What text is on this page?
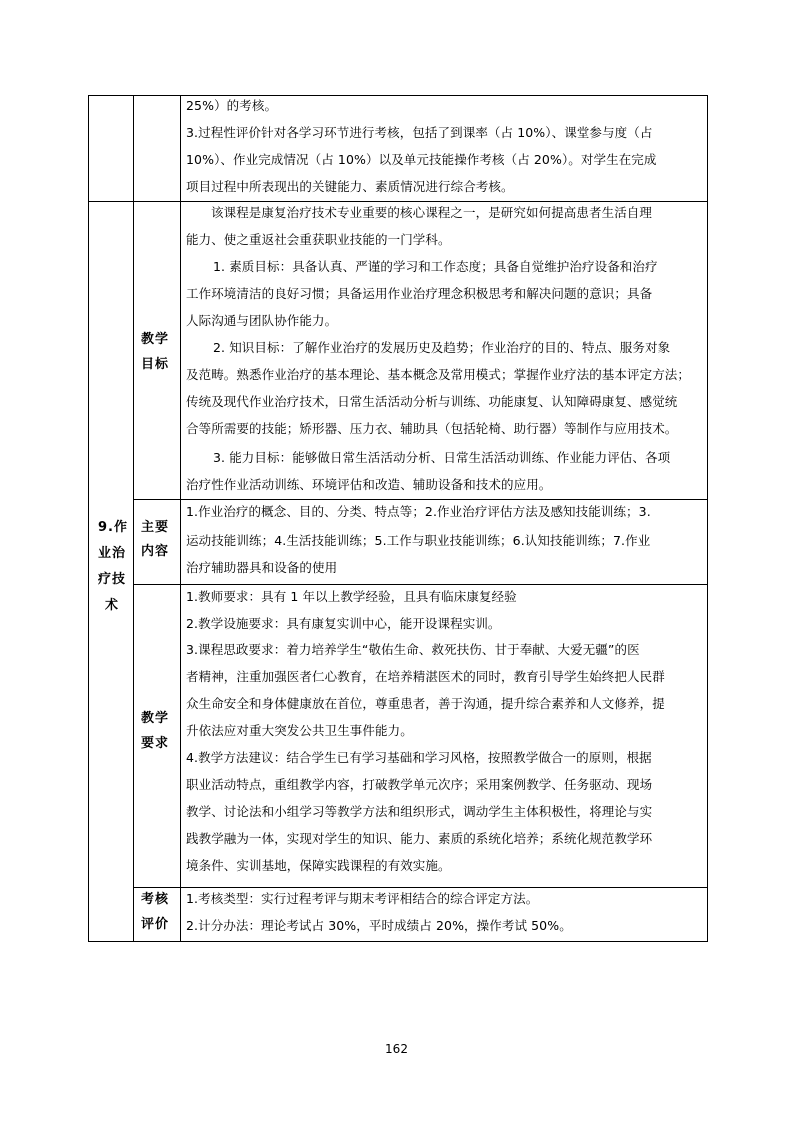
9.作
业治
疗技
术
教学
目标
主要
内容
教学
要求
考核
评价
25%）的考核。
3.过程性评价针对各学习环节进行考核，包括了到课率（占 10%）、课堂参与度（占
10%）、作业完成情况（占 10%）以及单元技能操作考核（占 20%）。对学生在完成
项目过程中所表现出的关键能力、素质情况进行综合考核。
该课程是康复治疗技术专业重要的核心课程之一，是研究如何提高患者生活自理
能力、使之重返社会重获职业技能的一门学科。
1. 素质目标：具备认真、严谨的学习和工作态度；具备自觉维护治疗设备和治疗
工作环境清洁的良好习惯；具备运用作业治疗理念积极思考和解决问题的意识；具备
人际沟通与团队协作能力。
2. 知识目标：了解作业治疗的发展历史及趋势；作业治疗的目的、特点、服务对象
及范畴。熟悉作业治疗的基本理论、基本概念及常用模式；掌握作业疗法的基本评定方法；
传统及现代作业治疗技术，日常生活活动分析与训练、功能康复、认知障碍康复、感觉统
合等所需要的技能；矫形器、压力衣、辅助具（包括轮椅、助行器）等制作与应用技术。
3. 能力目标：能够做日常生活活动分析、日常生活活动训练、作业能力评估、各项
治疗性作业活动训练、环境评估和改造、辅助设备和技术的应用。
1.作业治疗的概念、目的、分类、特点等；2.作业治疗评估方法及感知技能训练；3.
运动技能训练；4.生活技能训练；5.工作与职业技能训练；6.认知技能训练；7.作业
治疗辅助器具和设备的使用
1.教师要求：具有 1 年以上教学经验，且具有临床康复经验
2.教学设施要求：具有康复实训中心，能开设课程实训。
3.课程思政要求：着力培养学生“敬佑生命、救死扶伤、甘于奉献、大爱无疆”的医
者精神，注重加强医者仁心教育，在培养精湛医术的同时，教育引导学生始终把人民群
众生命安全和身体健康放在首位，尊重患者，善于沟通，提升综合素养和人文修养，提
升依法应对重大突发公共卫生事件能力。
4.教学方法建议：结合学生已有学习基础和学习风格，按照教学做合一的原则，根据
职业活动特点，重组教学内容，打破教学单元次序；采用案例教学、任务驱动、现场
教学、讨论法和小组学习等教学方法和组织形式，调动学生主体积极性，将理论与实
践教学融为一体，实现对学生的知识、能力、素质的系统化培养；系统化规范教学环
境条件、实训基地，保障实践课程的有效实施。
1.考核类型：实行过程考评与期末考评相结合的综合评定方法。
2.计分办法：理论考试占 30%，平时成绩占 20%，操作考试 50%。
162
